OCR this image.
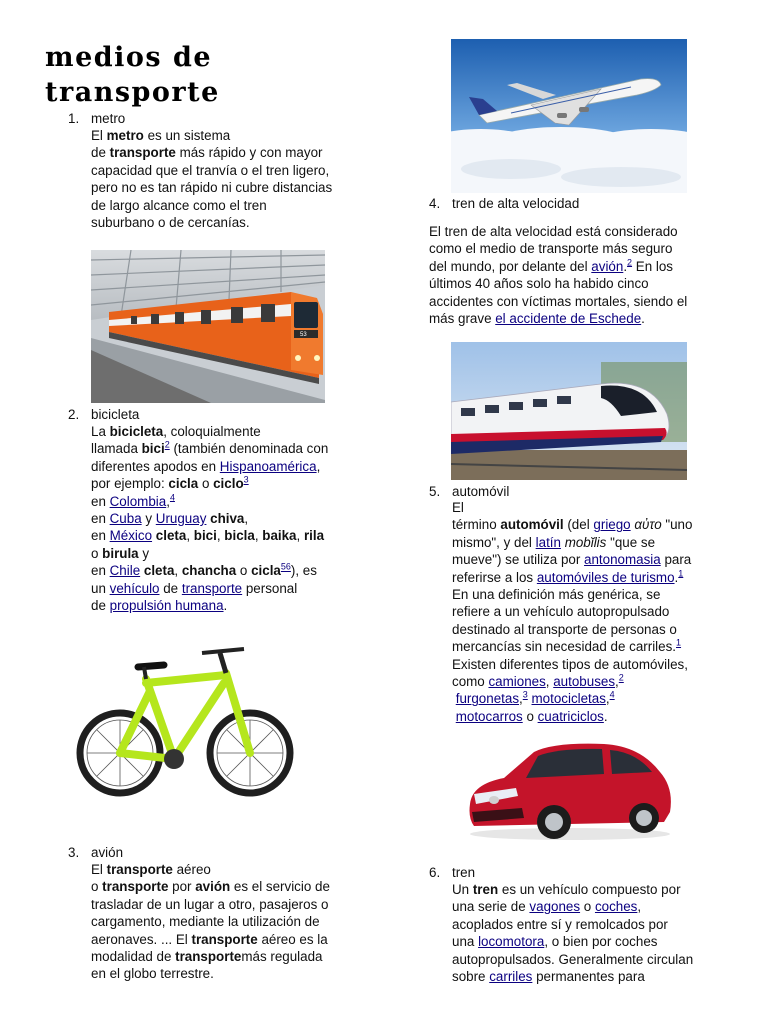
medios de transporte
1. metro
El metro es un sistema
de transporte más rápido y con mayor
capacidad que el tranvía o el tren ligero,
pero no es tan rápido ni cubre distancias
de largo alcance como el tren
suburbano o de cercanías.
53
2. bicicleta
La bicicleta, coloquialmente
llamada bici$^2$ (también denominada con
diferentes apodos en Hispanoamérica,
por ejemplo: cicla o ciclo$^3$
en Colombia,$^4$
en Cuba y Uruguay chiva,
en México cleta, bici, bicla, baika, rila
o birula y
en Chile cleta, chancha o cicla$^{56}$), es
un vehículo de transporte personal
de propulsión humana.
3. avión
El transporte aéreo
o transporte por avión es el servicio de
trasladar de un lugar a otro, pasajeros o
cargamento, mediante la utilización de
aeronaves. ... El transporte aéreo es la
modalidad de transportemás regulada
en el globo terrestre.
4. tren de alta velocidad
El tren de alta velocidad está considerado
como el medio de transporte más seguro
del mundo, por delante del avión.$^2$ En los
últimos 40 años solo ha habido cinco
accidentes con víctimas mortales, siendo el
más grave el accidente de Eschede.
5. automóvil
El
término automóvil (del griego αὐτο "uno
mismo", y del latín mobĭlis "que se
mueve") se utiliza por antonomasia para
referirse a los automóviles de turismo.$^1$
En una definición más genérica, se
refiere a un vehículo autopropulsado
destinado al transporte de personas o
mercancías sin necesidad de carriles.$^1$
Existen diferentes tipos de automóviles,
como camiones, autobuses,$^2$
furgonetas,$^3$ motocicletas,$^4$
motocarros o cuatriciclos.
6. tren
Un tren es un vehículo compuesto por
una serie de vagones o coches,
acoplados entre sí y remolcados por
una locomotora, o bien por coches
autopropulsados. Generalmente circulan
sobre carriles permanentes para
